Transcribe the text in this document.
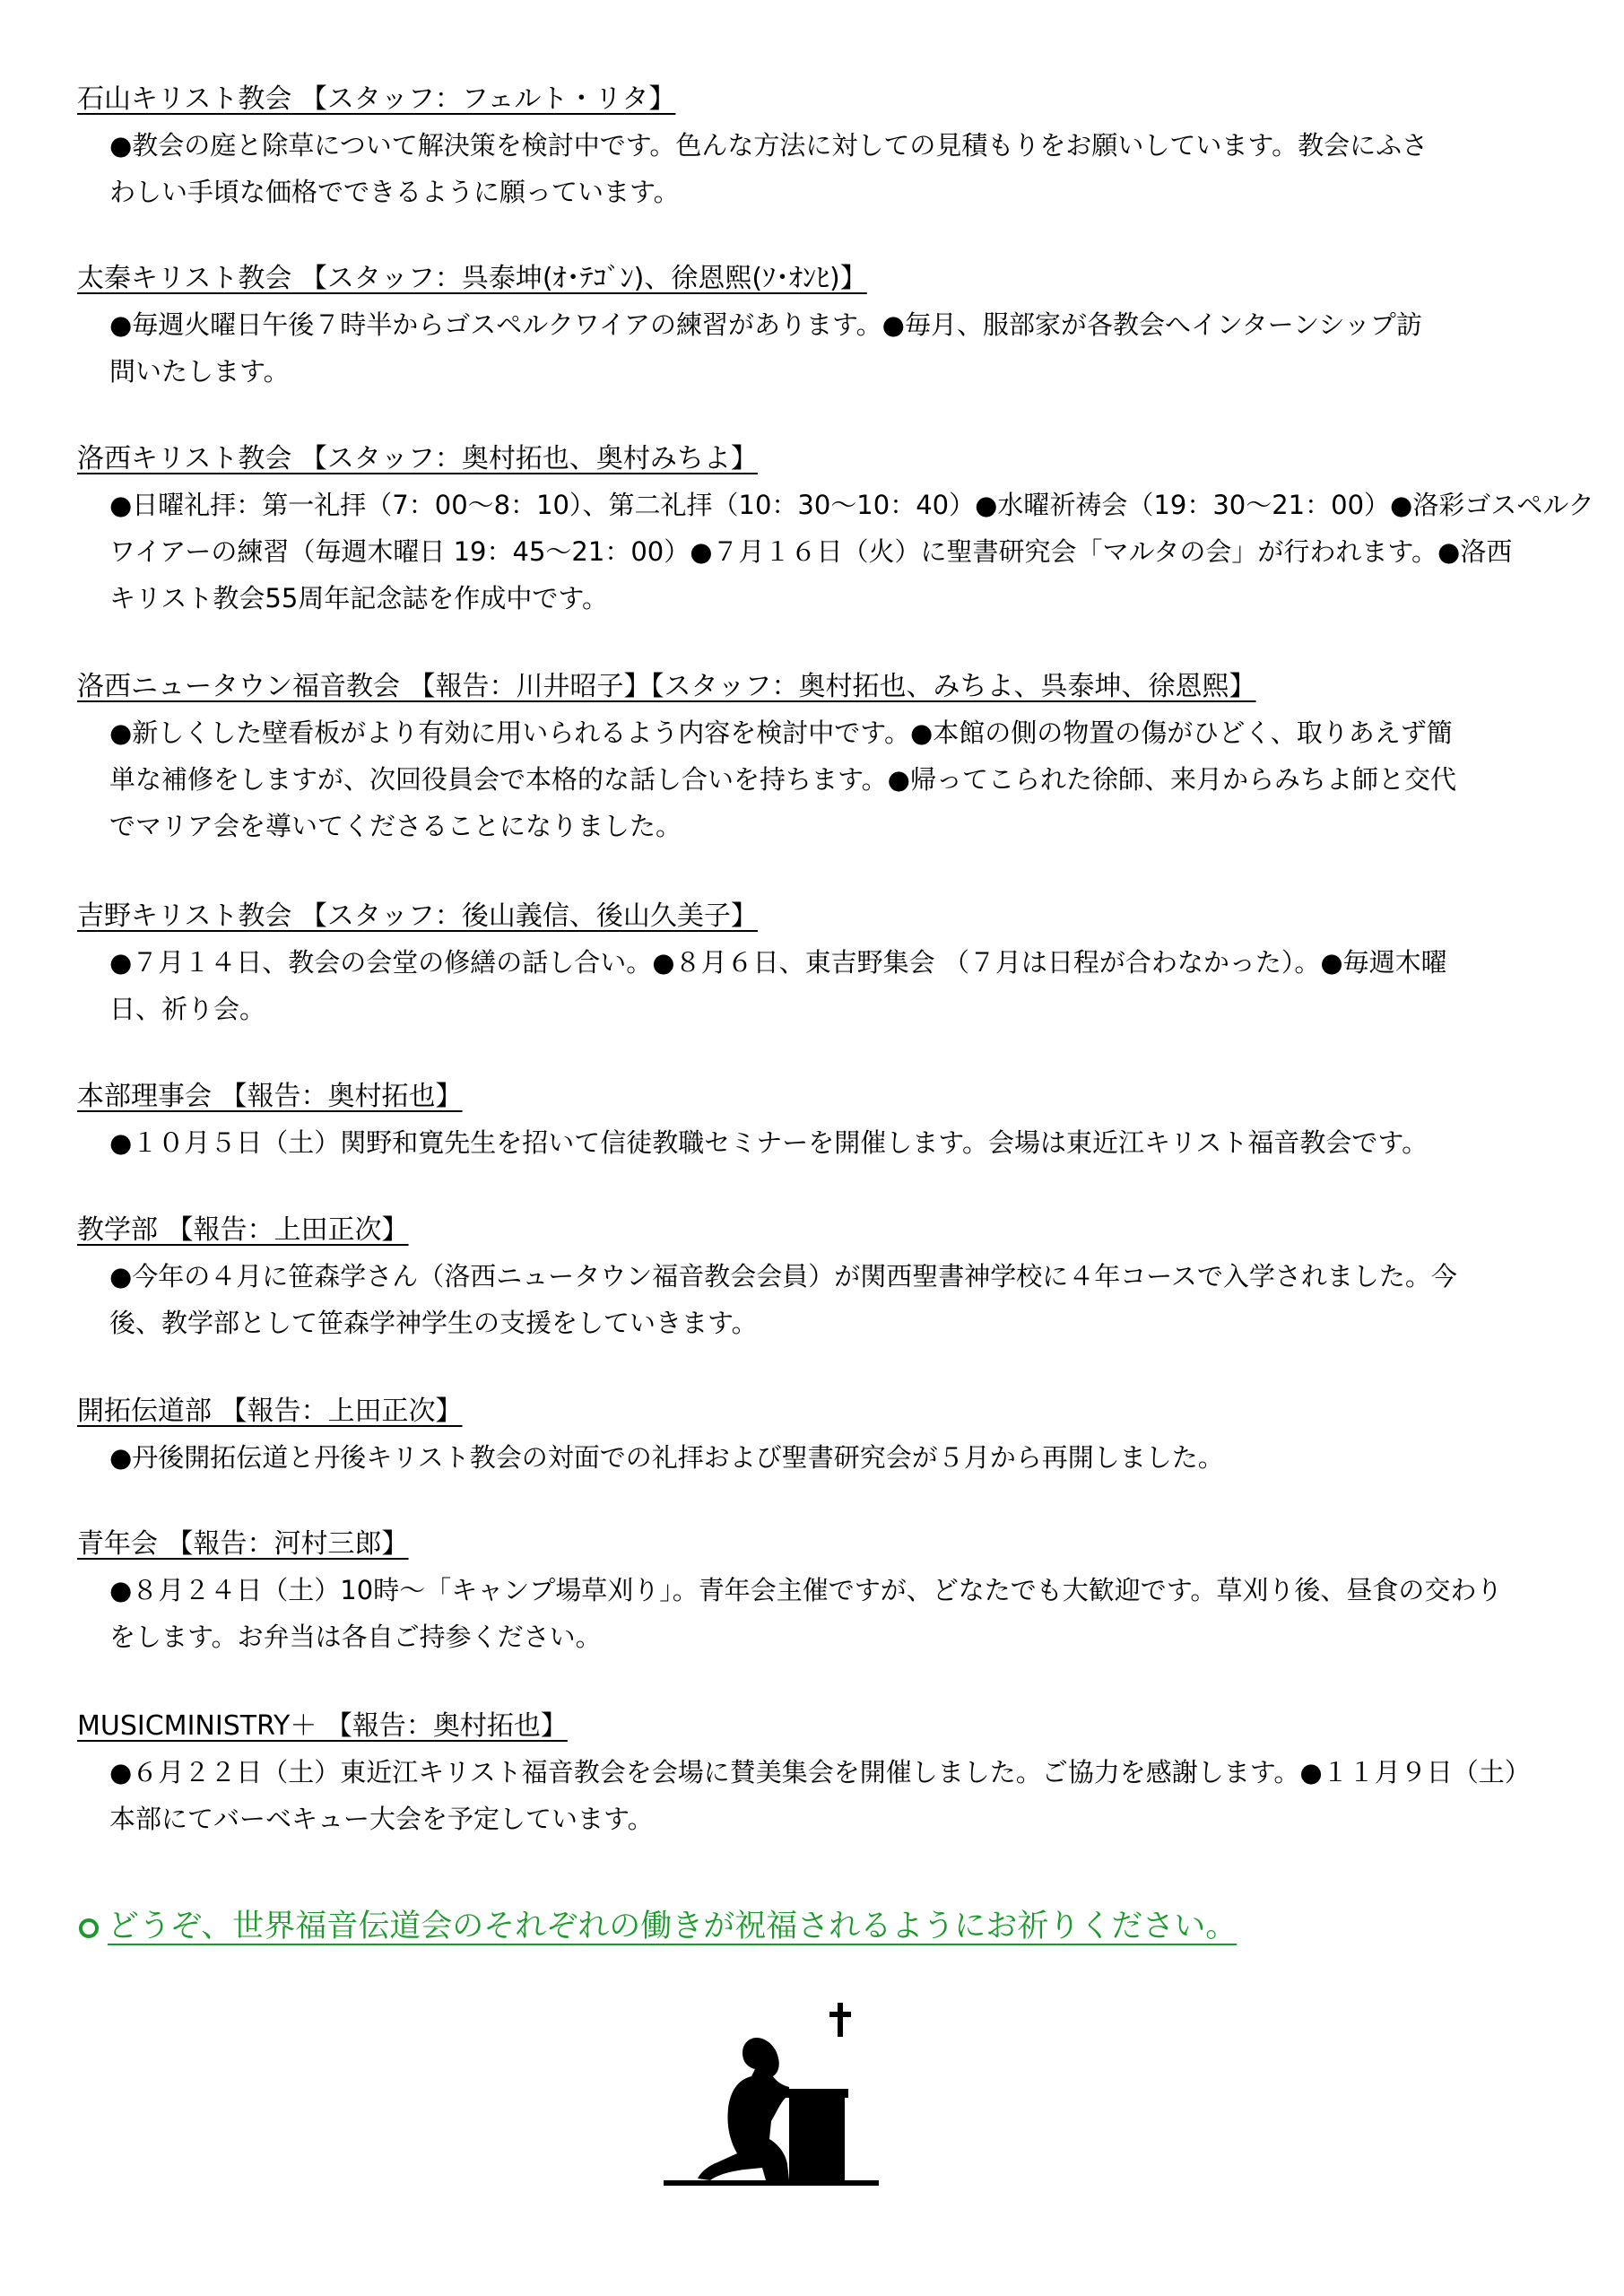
石山キリスト教会 【スタッフ：フェルト・リタ】
●教会の庭と除草について解決策を検討中です。色んな方法に対しての見積もりをお願いしています。教会にふさ
わしい手頃な価格でできるように願っています。
太秦キリスト教会 【スタッフ：呉泰坤(ｵ･ﾃｺﾞﾝ)、徐恩熙(ｿ･ｵﾝﾋ)】
●毎週火曜日午後７時半からゴスペルクワイアの練習があります。●毎月、服部家が各教会へインターンシップ訪
問いたします。
洛西キリスト教会 【スタッフ：奥村拓也、奥村みちよ】
●日曜礼拝：第一礼拝（7：00～8：10）、第二礼拝（10：30～10：40）●水曜祈祷会（19：30～21：00）●洛彩ゴスペルク
ワイアーの練習（毎週木曜日 19：45～21：00）●７月１６日（火）に聖書研究会「マルタの会」が行われます。●洛西
キリスト教会55周年記念誌を作成中です。
洛西ニュータウン福音教会 【報告：川井昭子】【スタッフ：奥村拓也、みちよ、呉泰坤、徐恩熙】
●新しくした壁看板がより有効に用いられるよう内容を検討中です。●本館の側の物置の傷がひどく、取りあえず簡
単な補修をしますが、次回役員会で本格的な話し合いを持ちます。●帰ってこられた徐師、来月からみちよ師と交代
でマリア会を導いてくださることになりました。
吉野キリスト教会 【スタッフ：後山義信、後山久美子】
●７月１４日、教会の会堂の修繕の話し合い。●８月６日、東吉野集会 （７月は日程が合わなかった）。●毎週木曜
日、祈り会。
本部理事会 【報告：奥村拓也】
●１０月５日（土）関野和寛先生を招いて信徒教職セミナーを開催します。会場は東近江キリスト福音教会です。
教学部 【報告：上田正次】
●今年の４月に笹森学さん（洛西ニュータウン福音教会会員）が関西聖書神学校に４年コースで入学されました。今
後、教学部として笹森学神学生の支援をしていきます。
開拓伝道部 【報告：上田正次】
●丹後開拓伝道と丹後キリスト教会の対面での礼拝および聖書研究会が５月から再開しました。
青年会 【報告：河村三郎】
●８月２４日（土）10時～「キャンプ場草刈り」。青年会主催ですが、どなたでも大歓迎です。草刈り後、昼食の交わり
をします。お弁当は各自ご持参ください。
MUSICMINISTRY＋ 【報告：奥村拓也】
●６月２２日（土）東近江キリスト福音教会を会場に賛美集会を開催しました。ご協力を感謝します。●１１月９日（土）
本部にてバーベキュー大会を予定しています。
どうぞ、世界福音伝道会のそれぞれの働きが祝福されるようにお祈りください。
